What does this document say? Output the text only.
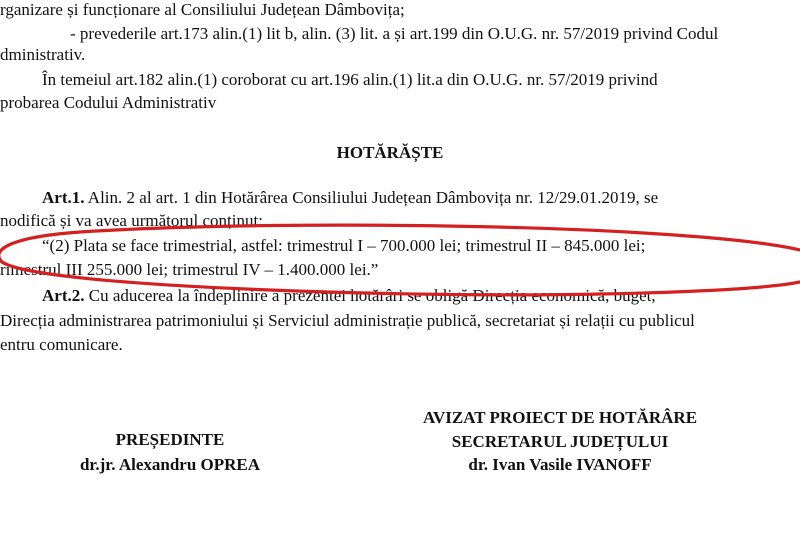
rganizare și funcționare al Consiliului Județean Dâmbovița;
- prevederile art.173 alin.(1) lit b, alin. (3) lit. a și art.199 din O.U.G. nr. 57/2019 privind Codul
dministrativ.
În temeiul art.182 alin.(1) coroborat cu art.196 alin.(1) lit.a din O.U.G. nr. 57/2019 privind
probarea Codului Administrativ
HOTĂRĂȘTE
Art.1. Alin. 2 al art. 1 din Hotărârea Consiliului Județean Dâmbovița nr. 12/29.01.2019, se
nodifică și va avea următorul conținut:
“(2) Plata se face trimestrial, astfel: trimestrul I – 700.000 lei; trimestrul II – 845.000 lei;
rimestrul III 255.000 lei; trimestrul IV – 1.400.000 lei.”
Art.2. Cu aducerea la îndeplinire a prezentei hotărâri se obligă Direcția economică, buget,
Direcția administrarea patrimoniului și Serviciul administrație publică, secretariat și relații cu publicul
entru comunicare.
PREȘEDINTE
dr.jr. Alexandru OPREA
AVIZAT PROIECT DE HOTĂRÂRE
SECRETARUL JUDEȚULUI
dr. Ivan Vasile IVANOFF
